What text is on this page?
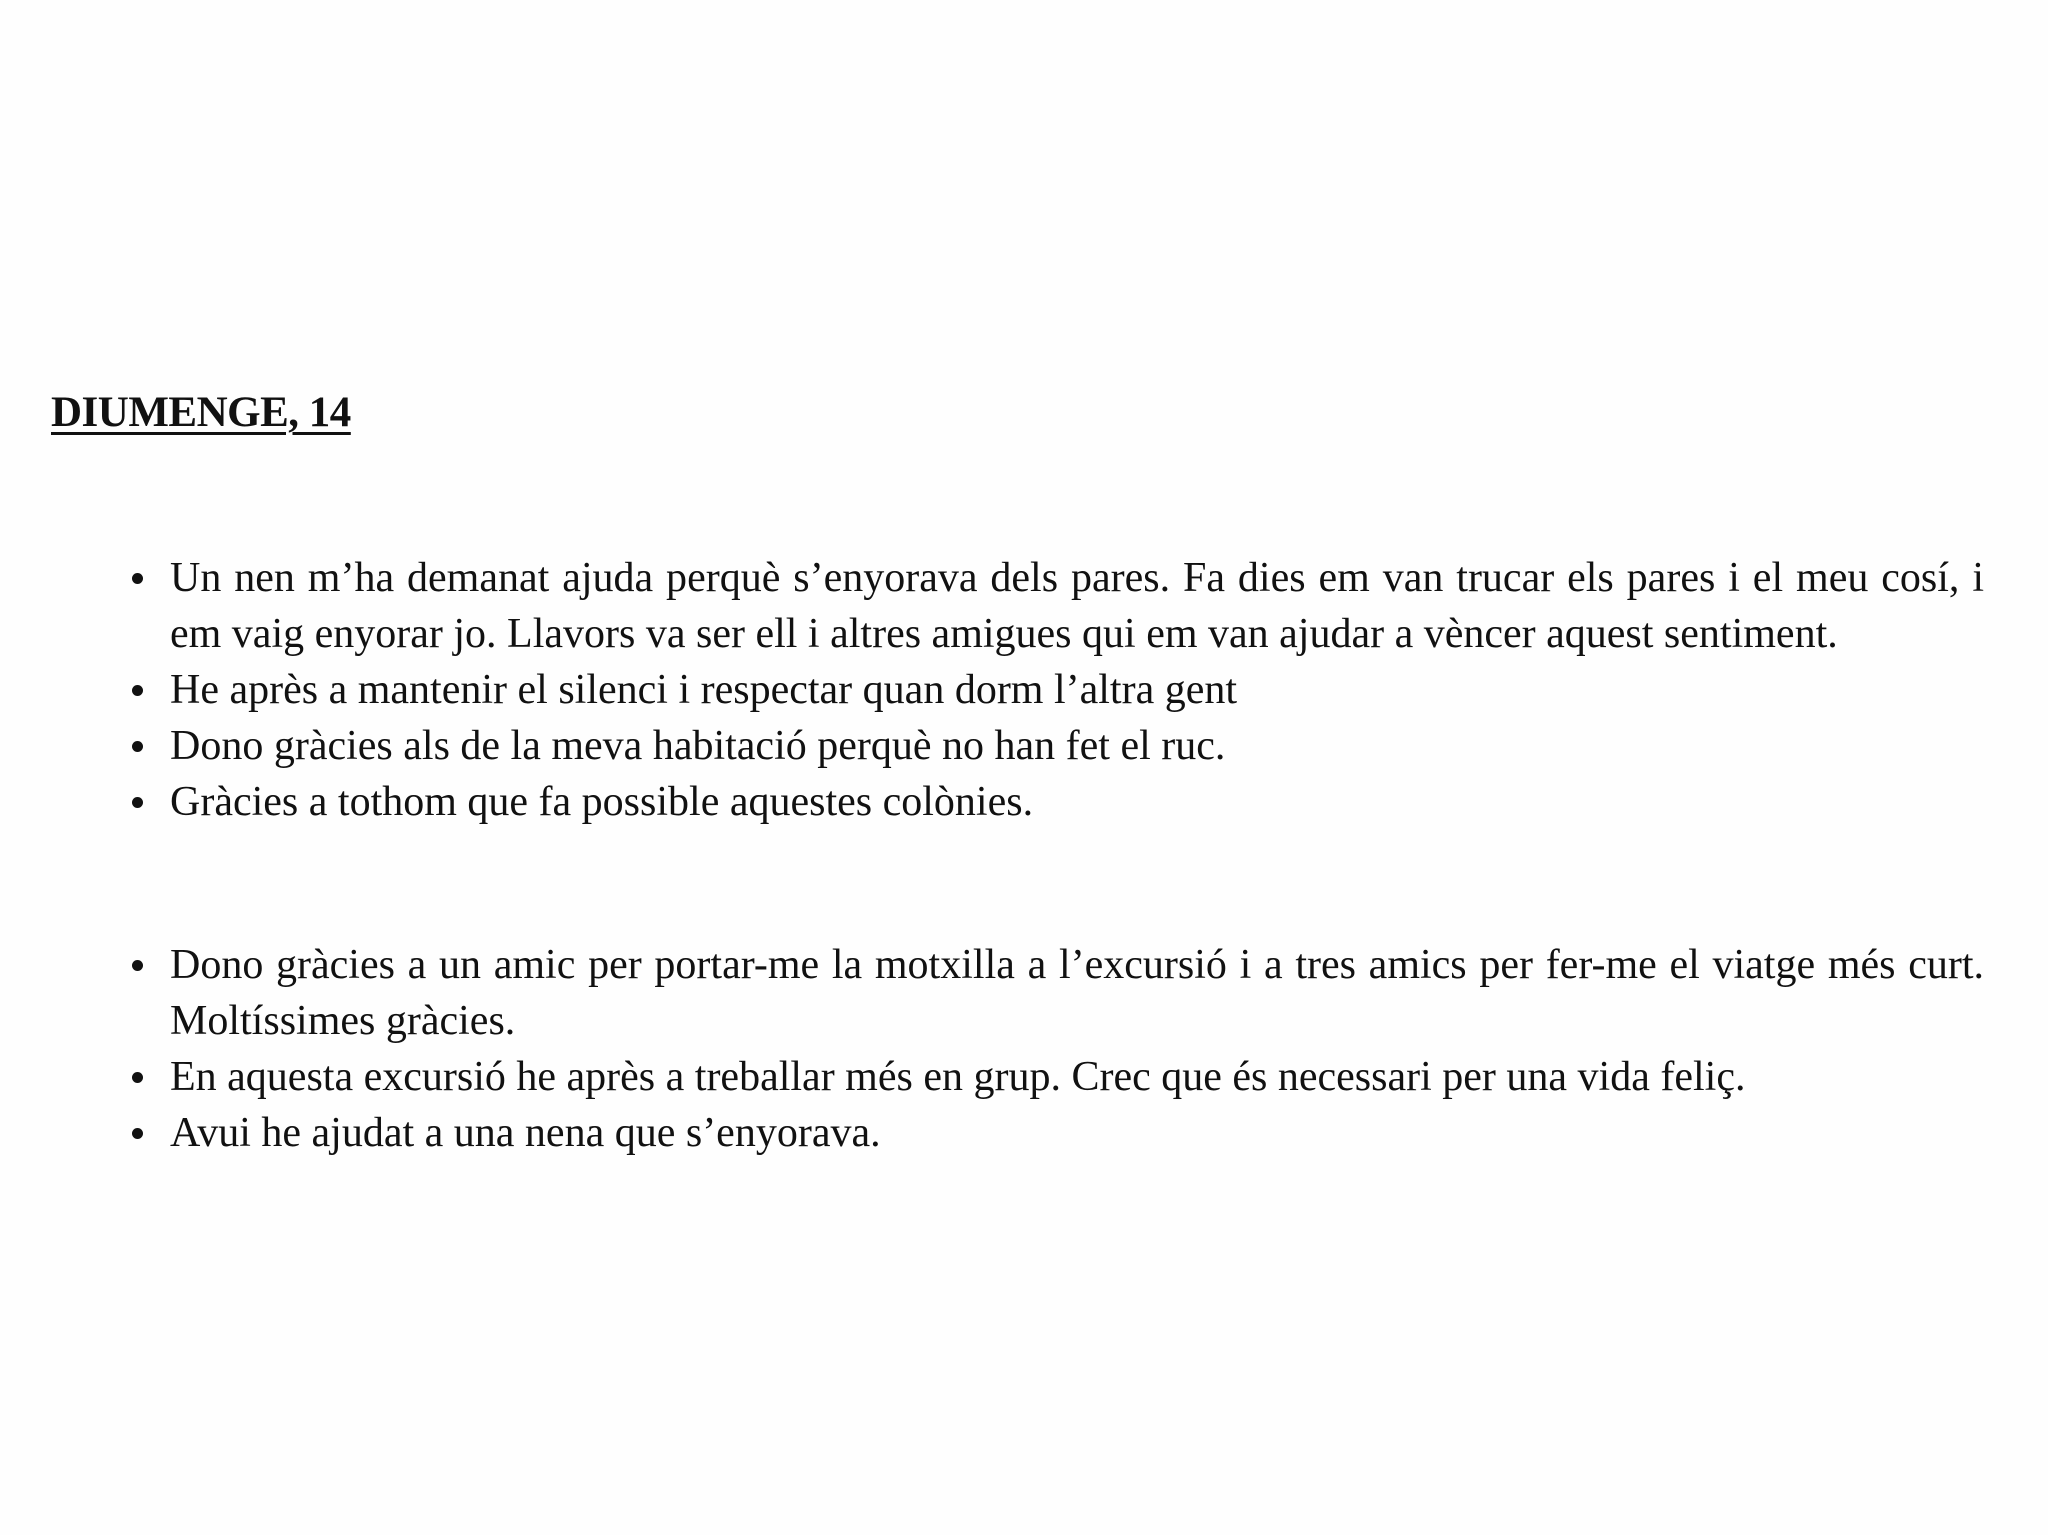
DIUMENGE, 14
Un nen m’ha demanat ajuda perquè s’enyorava dels pares. Fa dies em van trucar els pares i el meu cosí, i em vaig enyorar jo. Llavors va ser ell i altres amigues qui em van ajudar a vèncer aquest sentiment.
He après a mantenir el silenci i respectar quan dorm l’altra gent
Dono gràcies als de la meva habitació perquè no han fet el ruc.
Gràcies a tothom que fa possible aquestes colònies.
Dono gràcies a un amic per portar-me la motxilla a l’excursió i a tres amics per fer-me el viatge més curt. Moltíssimes gràcies.
En aquesta excursió he après a treballar més en grup. Crec que és necessari per una vida feliç.
Avui he ajudat a una nena que s’enyorava.
